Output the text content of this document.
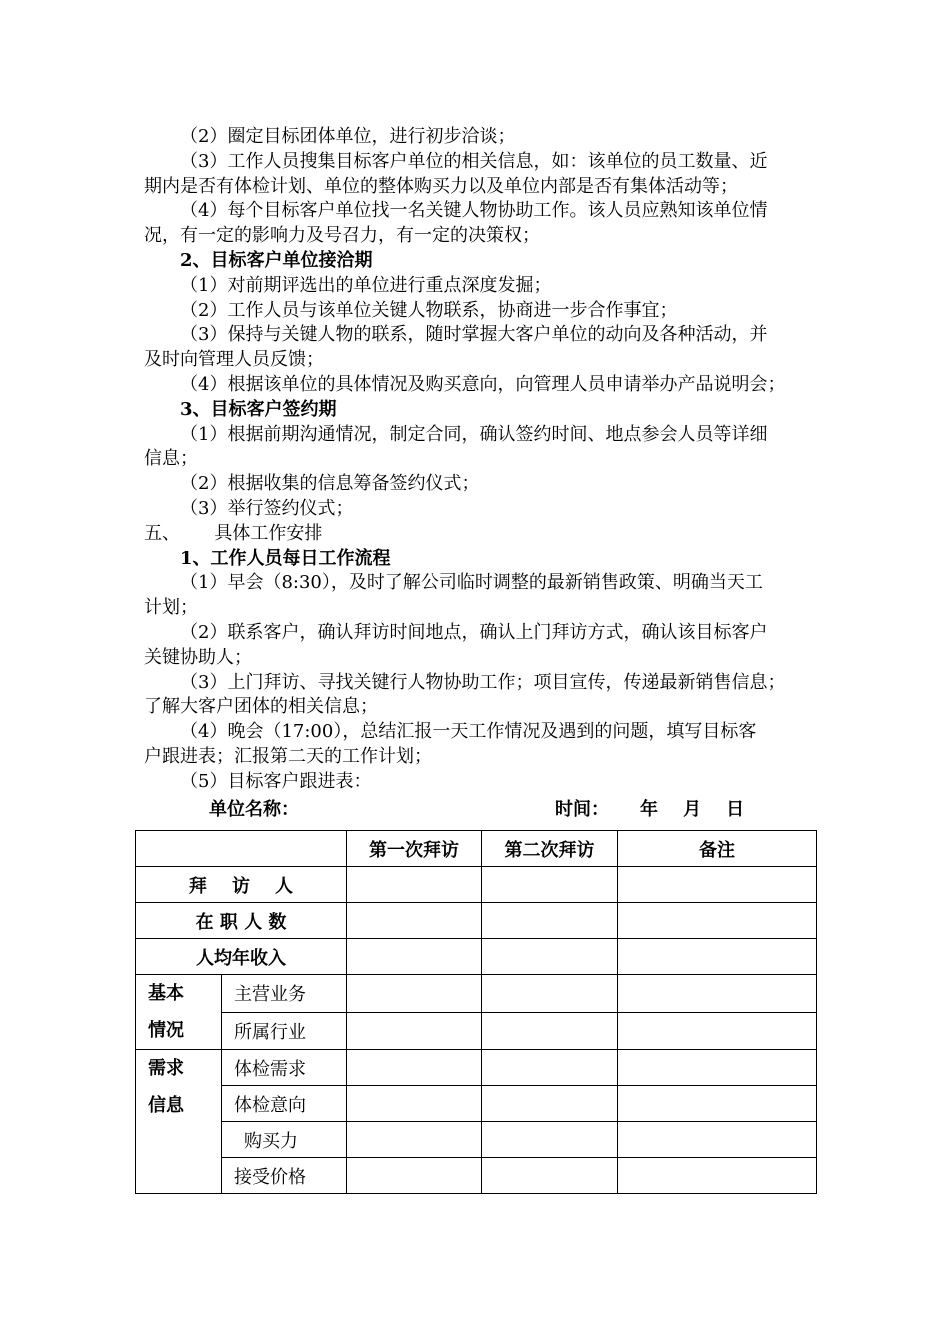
（2）圈定目标团体单位，进行初步洽谈；
（3）工作人员搜集目标客户单位的相关信息，如：该单位的员工数量、近
期内是否有体检计划、单位的整体购买力以及单位内部是否有集体活动等；
（4）每个目标客户单位找一名关键人物协助工作。该人员应熟知该单位情
况，有一定的影响力及号召力，有一定的决策权；
2、目标客户单位接洽期
（1）对前期评选出的单位进行重点深度发掘；
（2）工作人员与该单位关键人物联系，协商进一步合作事宜；
（3）保持与关键人物的联系，随时掌握大客户单位的动向及各种活动，并
及时向管理人员反馈；
（4）根据该单位的具体情况及购买意向，向管理人员申请举办产品说明会；
3、目标客户签约期
（1）根据前期沟通情况，制定合同，确认签约时间、地点参会人员等详细
信息；
（2）根据收集的信息筹备签约仪式；
（3）举行签约仪式；
五、      具体工作安排
1、工作人员每日工作流程
（1）早会（8:30），及时了解公司临时调整的最新销售政策、明确当天工
计划；
（2）联系客户，确认拜访时间地点，确认上门拜访方式，确认该目标客户
关键协助人；
（3）上门拜访、寻找关键行人物协助工作；项目宣传，传递最新销售信息；
了解大客户团体的相关信息；
（4）晚会（17:00），总结汇报一天工作情况及遇到的问题，填写目标客
户跟进表；汇报第二天的工作计划；
（5）目标客户跟进表：
单位名称：	时间： 年    月    日
		第一次拜访	第二次拜访	备注
拜    访    人				
在 职 人 数				
人均年收入				
基本
情况	主营业务			
	所属行业			
需求
信息	体检需求			
	体检意向			
	购买力			
	接受价格			
